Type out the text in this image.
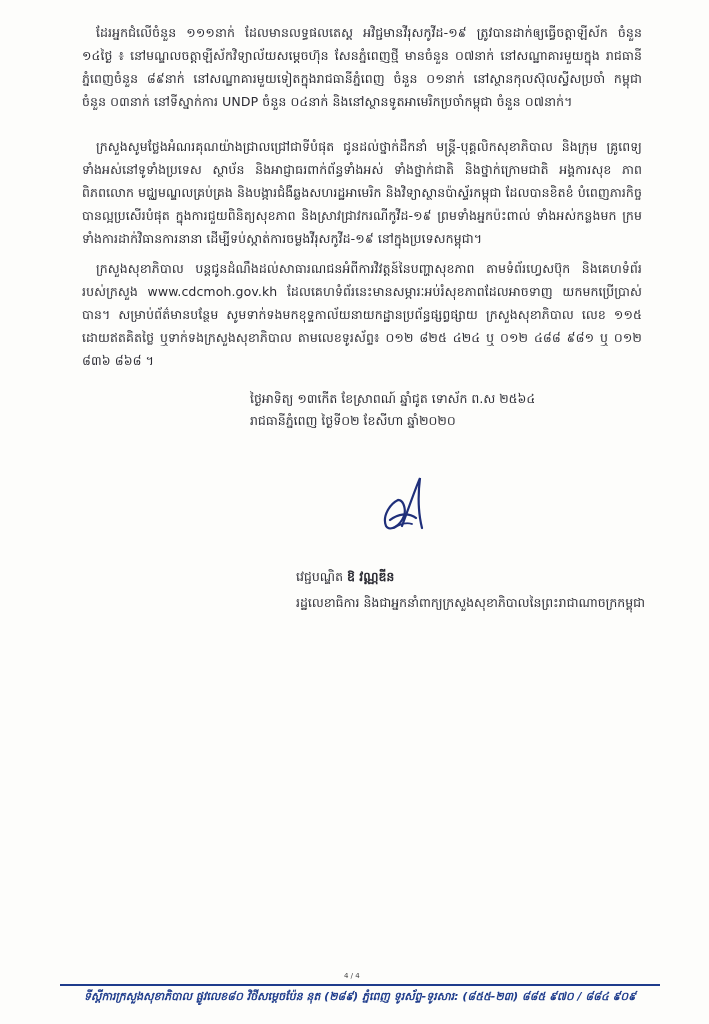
ដែរអ្នកជំលើចំនួន ១១១នាក់ ដែលមានលទ្ធផលតេស្ត អវិជ្ជមានវីរុសកូវីដ-១៩ ត្រូវបានដាក់ឲ្យធ្វើចត្តាឡីស័ក ចំនួន ១៤ថ្ងៃ ៖ នៅមណ្ឌលចត្តាឡីស័កវិទ្យាល័យសម្តេចហ៊ុន សែនភ្នំពេញថ្មី មានចំនួន ០៧នាក់ នៅសណ្ឋាគារមួយក្នុង រាជធានីភ្នំពេញចំនួន ៨៩នាក់ នៅសណ្ឋាគារមួយទៀតក្នុងរាជធានីភ្នំពេញ ចំនួន ០១នាក់ នៅស្ថានកុលស៊ុលស្វីសប្រចាំ កម្ពុជា ចំនួន ០៣នាក់ នៅទីស្នាក់ការ UNDP ចំនួន ០៤នាក់ និងនៅស្ថានទូតអាមេរិកប្រចាំកម្ពុជា ចំនួន ០៧នាក់។

ក្រសួងសូមថ្លែងអំណរគុណយ៉ាងជ្រាលជ្រៅជាទីបំផុត ជូនដល់ថ្នាក់ដឹកនាំ មន្ត្រី-បុគ្គលិកសុខាភិបាល និងក្រុម គ្រូពេទ្យទាំងអស់នៅទូទាំងប្រទេស ស្ថាប័ន និងអាជ្ញាធរពាក់ព័ន្ធទាំងអស់ ទាំងថ្នាក់ជាតិ និងថ្នាក់ក្រោមជាតិ អង្គការសុខ ភាពពិភពលោក មជ្ឈមណ្ឌលគ្រប់គ្រង និងបង្ការជំងឺឆ្លងសហរដ្ឋអាមេរិក និងវិទ្យាស្ថានប៉ាស្ទ័រកម្ពុជា ដែលបានខិតខំ បំពេញភារកិច្ចបានល្អប្រសើរបំផុត ក្នុងការជួយពិនិត្យសុខភាព និងស្រាវជ្រាវករណីកូវីដ-១៩ ព្រមទាំងអ្នកប៉ះពាល់ ទាំងអស់កន្លងមក ក្រមទាំងការដាក់វិធានការនានា ដើម្បីទប់ស្កាត់ការចម្លងវីរុសកូវីដ-១៩ នៅក្នុងប្រទេសកម្ពុជា។

ក្រសួងសុខាភិបាល បន្តជូនដំណឹងដល់សាធារណជនអំពីការវិវត្តន៍នៃបញ្ហាសុខភាព តាមទំព័រហ្វេសប៊ុក និងគេហទំព័ររបស់ក្រសួង www.cdcmoh.gov.kh ដែលគេហទំព័រនេះមានសម្ភារៈអប់រំសុខភាពដែលអាចទាញ យកមកប្រើប្រាស់បាន។ សម្រាប់ព័ត៌មានបន្ថែម សូមទាក់ទងមកខុទ្ទកាល័យនាយកដ្ឋានប្រព័ន្ធផ្សព្វផ្សាយ ក្រសួងសុខាភិបាល លេខ ១១៥ ដោយឥតគិតថ្លៃ ឬទាក់ទងក្រសួងសុខាភិបាល តាមលេខទូរស័ព្ទ៖ ០១២ ៨២៥ ៤២៤ ឬ ០១២ ៤៨៨ ៩៨១ ឬ ០១២ ៨៣៦ ៨៦៨ ។

ថ្ងៃអាទិត្យ ១៣កើត ខែស្រាពណ៍ ឆ្នាំជូត ទោស័ក ព.ស ២៥៦៤
រាជធានីភ្នំពេញ ថ្ងៃទី០២ ខែសីហា ឆ្នាំ២០២០
វេជ្ជបណ្ឌិត ឱ វណ្ណឌីន
រដ្ឋលេខាធិការ និងជាអ្នកនាំពាក្យក្រសួងសុខាភិបាលនៃព្រះរាជាណាចក្រកម្ពុជា
4 / 4
ទីស្តីការក្រសួងសុខាភិបាល ផ្លូវលេខ៨០ វិថីសម្តេចប៉ែន នុត (២៨៩) ភ្នំពេញ ទូរស័ព្ទ-ទូរសារ: (៨៥៥-២៣) ៨៨៥ ៩៧០ / ៨៨៤ ៩០៩
